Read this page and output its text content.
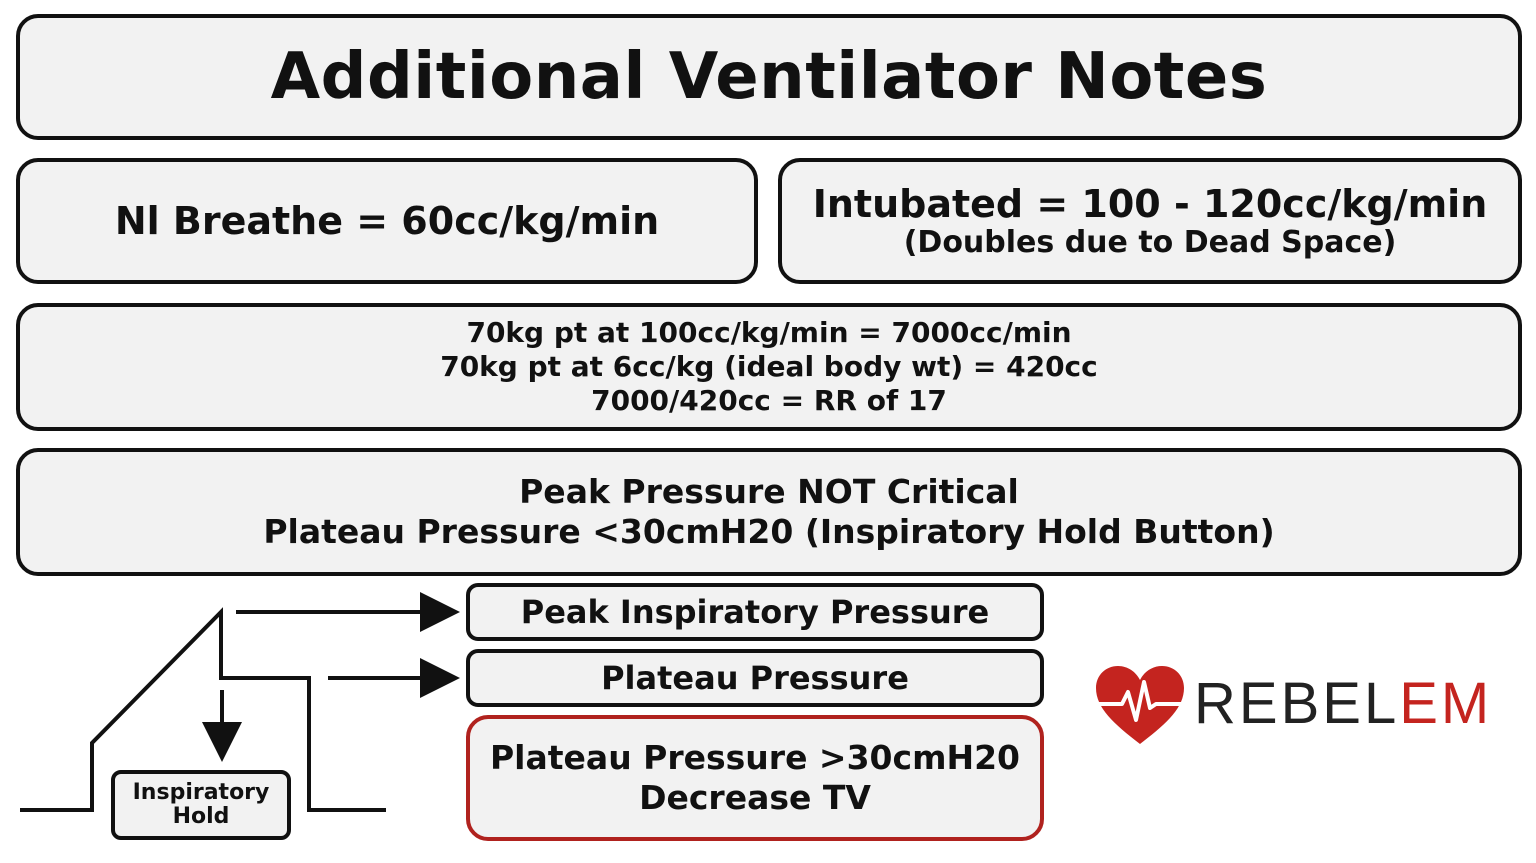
Additional Ventilator Notes
Nl Breathe = 60cc/kg/min	Intubated = 100 - 120cc/kg/min
(Doubles due to Dead Space)
70kg pt at 100cc/kg/min = 7000cc/min
70kg pt at 6cc/kg (ideal body wt) = 420cc
7000/420cc = RR of 17
Peak Pressure NOT Critical
Plateau Pressure <30cmH20 (Inspiratory Hold Button)
Inspiratory
Hold
Peak Inspiratory Pressure
Plateau Pressure
Plateau Pressure >30cmH20
Decrease TV
REBELEM
